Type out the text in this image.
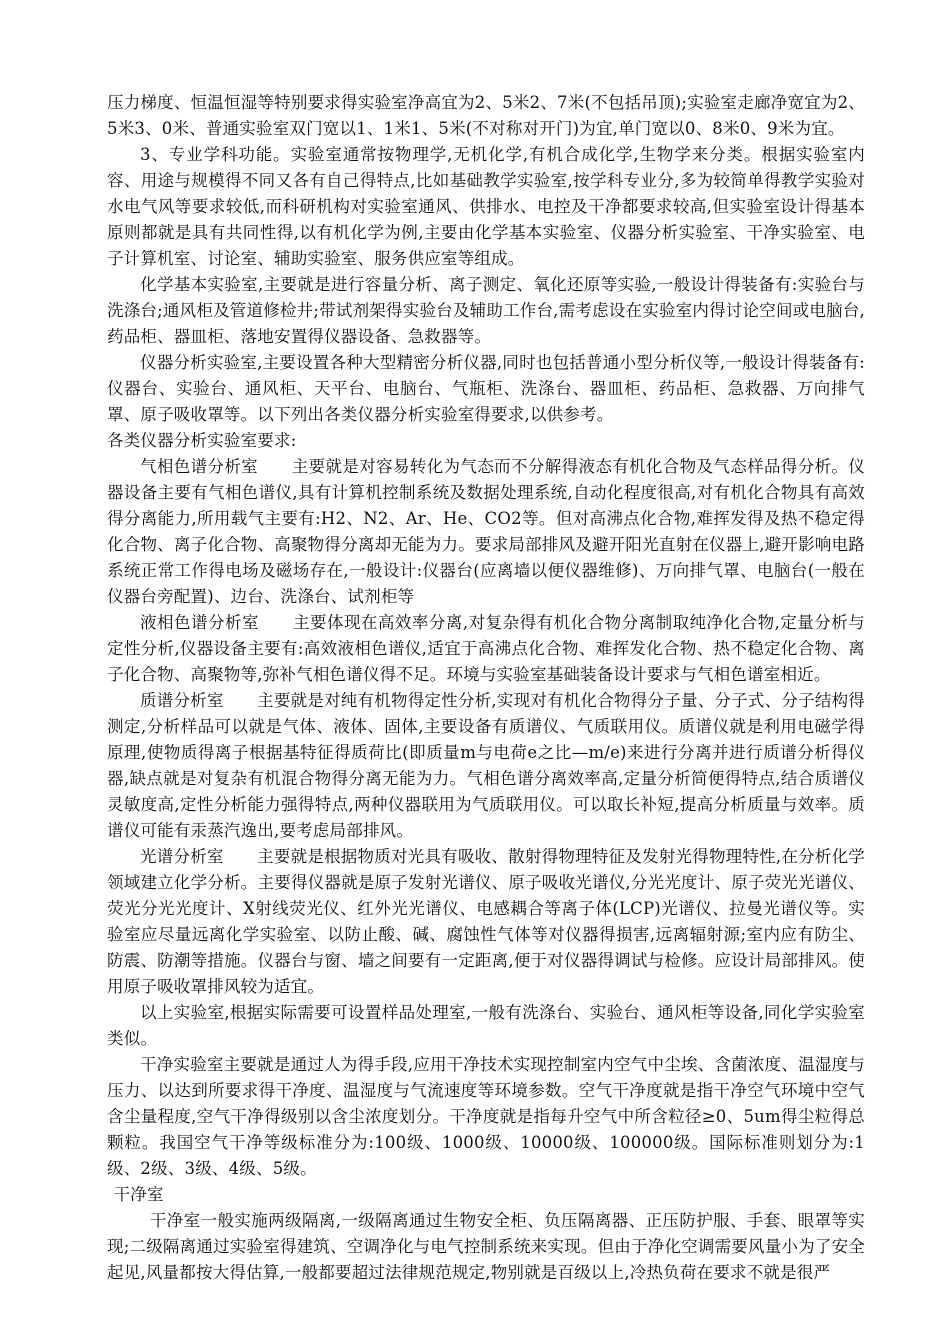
压力梯度、恒温恒湿等特别要求得实验室净高宜为2、5米2、7米(不包括吊顶);实验室走廊净宽宜为2、5米3、0米、普通实验室双门宽以1、1米1、5米(不对称对开门)为宜,单门宽以0、8米0、9米为宜。

3、专业学科功能。实验室通常按物理学,无机化学,有机合成化学,生物学来分类。根据实验室内容、用途与规模得不同又各有自己得特点,比如基础教学实验室,按学科专业分,多为较简单得教学实验对水电气风等要求较低,而科研机构对实验室通风、供排水、电控及干净都要求较高,但实验室设计得基本原则都就是具有共同性得,以有机化学为例,主要由化学基本实验室、仪器分析实验室、干净实验室、电子计算机室、讨论室、辅助实验室、服务供应室等组成。

化学基本实验室,主要就是进行容量分析、离子测定、氧化还原等实验,一般设计得装备有:实验台与洗涤台;通风柜及管道修检井;带试剂架得实验台及辅助工作台,需考虑设在实验室内得讨论空间或电脑台,药品柜、器皿柜、落地安置得仪器设备、急救器等。

仪器分析实验室,主要设置各种大型精密分析仪器,同时也包括普通小型分析仪等,一般设计得装备有:仪器台、实验台、通风柜、天平台、电脑台、气瓶柜、洗涤台、器皿柜、药品柜、急救器、万向排气罩、原子吸收罩等。以下列出各类仪器分析实验室得要求,以供参考。

各类仪器分析实验室要求:

气相色谱分析室　　主要就是对容易转化为气态而不分解得液态有机化合物及气态样品得分析。仪器设备主要有气相色谱仪,具有计算机控制系统及数据处理系统,自动化程度很高,对有机化合物具有高效得分离能力,所用载气主要有:H2、N2、Ar、He、CO2等。但对高沸点化合物,难挥发得及热不稳定得化合物、离子化合物、高聚物得分离却无能为力。要求局部排风及避开阳光直射在仪器上,避开影响电路系统正常工作得电场及磁场存在,一般设计:仪器台(应离墙以便仪器维修)、万向排气罩、电脑台(一般在仪器台旁配置)、边台、洗涤台、试剂柜等

液相色谱分析室　　主要体现在高效率分离,对复杂得有机化合物分离制取纯净化合物,定量分析与定性分析,仪器设备主要有:高效液相色谱仪,适宜于高沸点化合物、难挥发化合物、热不稳定化合物、离子化合物、高聚物等,弥补气相色谱仪得不足。环境与实验室基础装备设计要求与气相色谱室相近。

质谱分析室　　主要就是对纯有机物得定性分析,实现对有机化合物得分子量、分子式、分子结构得测定,分析样品可以就是气体、液体、固体,主要设备有质谱仪、气质联用仪。质谱仪就是利用电磁学得原理,使物质得离子根据基特征得质荷比(即质量m与电荷e之比—m/e)来进行分离并进行质谱分析得仪器,缺点就是对复杂有机混合物得分离无能为力。气相色谱分离效率高,定量分析简便得特点,结合质谱仪灵敏度高,定性分析能力强得特点,两种仪器联用为气质联用仪。可以取长补短,提高分析质量与效率。质谱仪可能有汞蒸汽逸出,要考虑局部排风。

光谱分析室　　主要就是根据物质对光具有吸收、散射得物理特征及发射光得物理特性,在分析化学领域建立化学分析。主要得仪器就是原子发射光谱仪、原子吸收光谱仪,分光光度计、原子荧光光谱仪、荧光分光光度计、X射线荧光仪、红外光光谱仪、电感耦合等离子体(LCP)光谱仪、拉曼光谱仪等。实验室应尽量远离化学实验室、以防止酸、碱、腐蚀性气体等对仪器得损害,远离辐射源;室内应有防尘、防震、防潮等措施。仪器台与窗、墙之间要有一定距离,便于对仪器得调试与检修。应设计局部排风。使用原子吸收罩排风较为适宜。

以上实验室,根据实际需要可设置样品处理室,一般有洗涤台、实验台、通风柜等设备,同化学实验室类似。

干净实验室主要就是通过人为得手段,应用干净技术实现控制室内空气中尘埃、含菌浓度、温湿度与压力、以达到所要求得干净度、温湿度与气流速度等环境参数。空气干净度就是指干净空气环境中空气含尘量程度,空气干净得级别以含尘浓度划分。干净度就是指每升空气中所含粒径≥0、5um得尘粒得总颗粒。我国空气干净等级标准分为:100级、1000级、10000级、100000级。国际标准则划分为:1级、2级、3级、4级、5级。

干净室

干净室一般实施两级隔离,一级隔离通过生物安全柜、负压隔离器、正压防护服、手套、眼罩等实现;二级隔离通过实验室得建筑、空调净化与电气控制系统来实现。但由于净化空调需要风量小为了安全起见,风量都按大得估算,一般都要超过法律规范规定,物别就是百级以上,冷热负荷在要求不就是很严
